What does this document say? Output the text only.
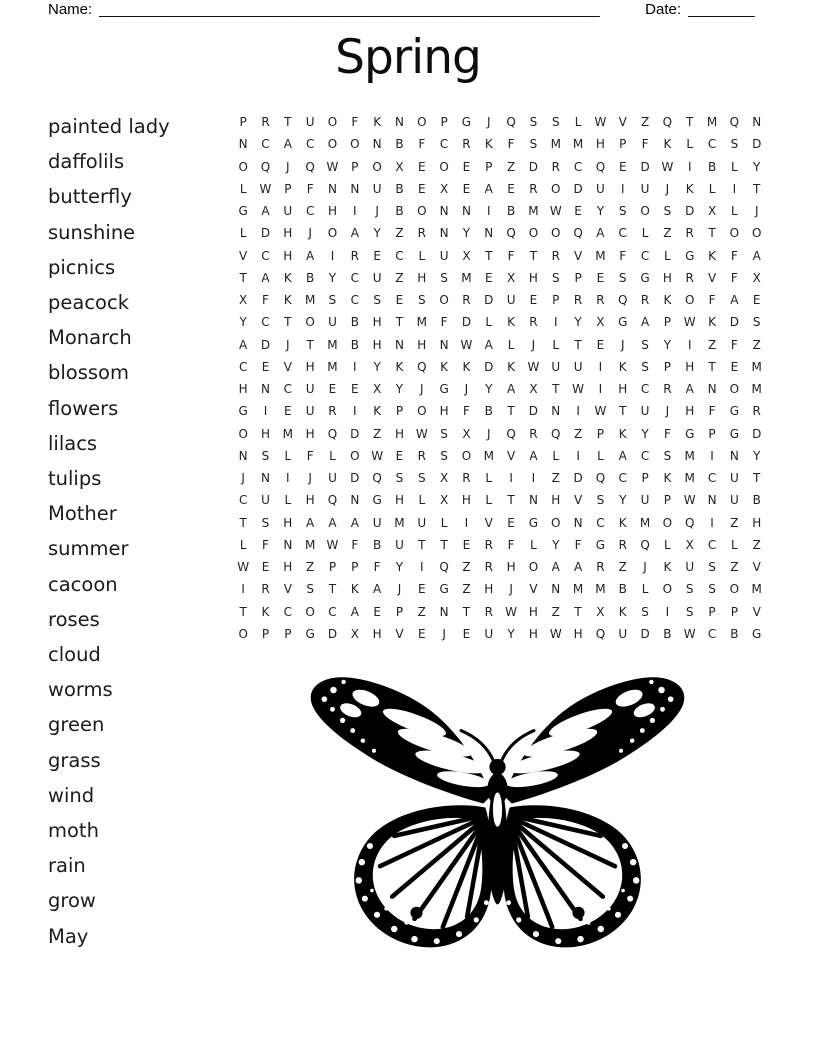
Name: ____________________________________________________________	Date: ________
Spring
painted lady
daffolils
butterfly
sunshine
picnics
peacock
Monarch
blossom
flowers
lilacs
tulips
Mother
summer
cacoon
roses
cloud
worms
green
grass
wind
moth
rain
grow
May
P	R	T	U	O	F	K	N	O	P	G	J	Q	S	S	L	W	V	Z	Q	T	M	Q	N
N	C	A	C	O	O	N	B	F	C	R	K	F	S	M M	H	P	F	K	L	C	S	D
O	Q	J	Q W	P	O	X	E	O	E	P	Z	D	R	C	Q	E	D W	I	B	L	Y
L	W	P	F	N	N	U	B	E	X	E	A	E	R	O	D	U	I	U	J	K	L	I	T
G	A	U	C	H	I	J	B	O	N	N	I	B	M W	E	Y	S	O	S	D	X	L	J
L	D	H	J	O	A	Y	Z	R	N	Y	N	Q	O	O	Q	A	C	L	Z	R	T	O	O
V	C	H	A	I	R	E	C	L	U	X	T	F	T	R	V	M	F	C	L	G	K	F	A
T	A	K	B	Y	C	U	Z	H	S	M	E	X	H	S	P	E	S	G	H	R	V	F	X
X	F	K	M	S	C	S	E	S	O	R	D	U	E	P	R	R	Q	R	K	O	F	A	E
Y	C	T	O	U	B	H	T	M	F	D	L	K	R	I	Y	X	G	A	P	W	K	D	S
A	D	J	T	M	B	H	N	H	N W	A	L	J	L	T	E	J	S	Y	I	Z	F	Z
C	E	V	H	M	I	Y	K	Q	K	K	D	K	W	U	U	I	K	S	P	H	T	E	M
H	N	C	U	E	E	X	Y	J	G	J	Y	A	X	T	W	I	H	C	R	A	N	O	M
G	I	E	U	R	I	K	P	O	H	F	B	T	D	N	I	W	T	U	J	H	F	G	R
O	H	M	H	Q	D	Z	H W	S	X	J	Q	R	Q	Z	P	K	Y	F	G	P	G	D
N	S	L	F	L	O W	E	R	S	O	M	V	A	L	I	L	A	C	S	M	I	N	Y
J	N	I	J	U	D	Q	S	S	X	R	L	I	I	Z	D	Q	C	P	K	M	C	U	T
C	U	L	H	Q	N	G	H	L	X	H	L	T	N	H	V	S	Y	U	P	W N	U	B
T	S	H	A	A	A	U	M	U	L	I	V	E	G	O	N	C	K	M	O	Q	I	Z	H
L	F	N	M W	F	B	U	T	T	E	R	F	L	Y	F	G	R	Q	L	X	C	L	Z
W	E	H	Z	P	P	F	Y	I	Q	Z	R	H	O	A	A	R	Z	J	K	U	S	Z	V
I	R	V	S	T	K	A	J	E	G	Z	H	J	V	N	M M	B	L	O	S	S	O	M
T	K	C	O	C	A	E	P	Z	N	T	R	W H	Z	T	X	K	S	I	S	P	P	V
O	P	P	G	D	X	H	V	E	J	E	U	Y	H W H	Q	U	D	B	W	C	B	G
